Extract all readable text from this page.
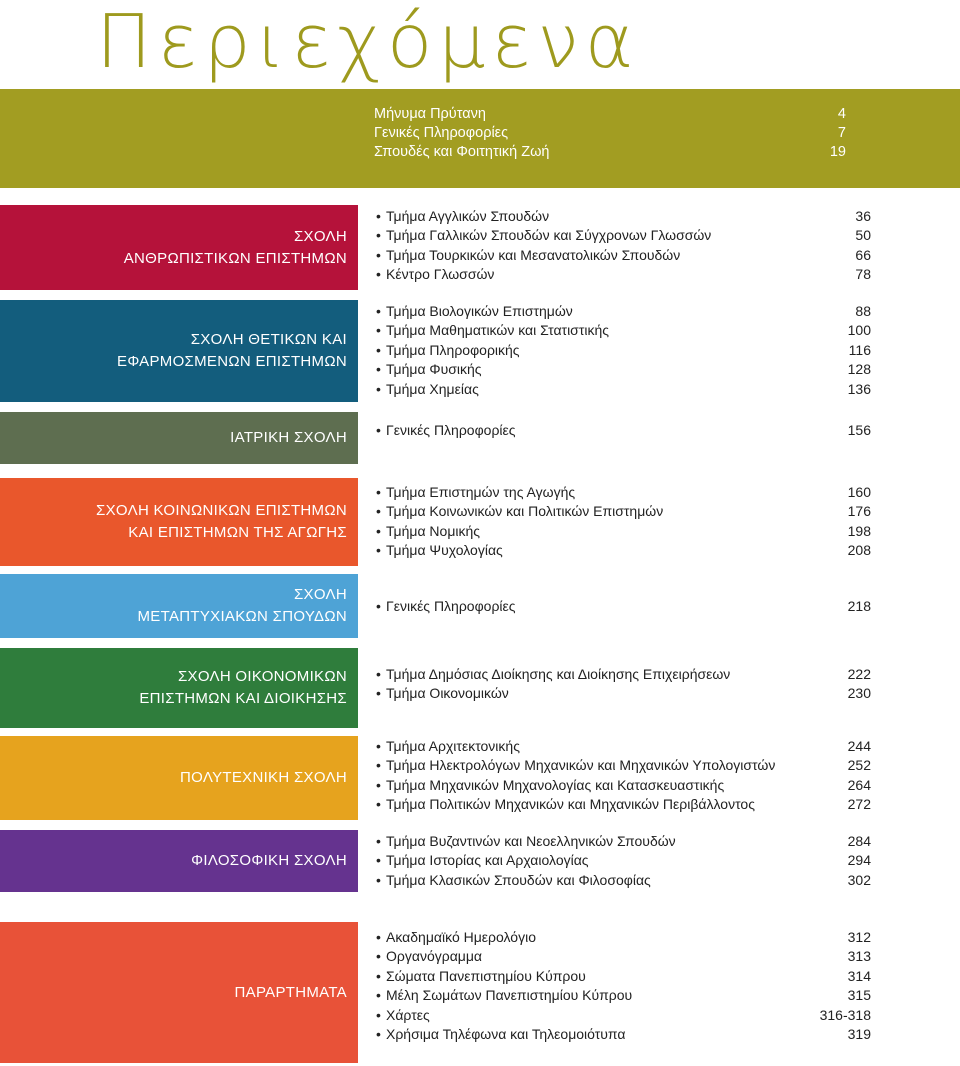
Περιεχόμενα
Μήνυμα Πρύτανη	4
Γενικές Πληροφορίες	7
Σπουδές και Φοιτητική Ζωή	19
ΣΧΟΛΗ
ΑΝΘΡΩΠΙΣΤΙΚΩΝ ΕΠΙΣΤΗΜΩΝ
• Τμήμα Αγγλικών Σπουδών	36
• Τμήμα Γαλλικών Σπουδών και Σύγχρονων Γλωσσών	50
• Τμήμα Τουρκικών και Μεσανατολικών Σπουδών	66
• Κέντρο Γλωσσών	78
ΣΧΟΛΗ ΘΕΤΙΚΩΝ ΚΑΙ
ΕΦΑΡΜΟΣΜΕΝΩΝ ΕΠΙΣΤΗΜΩΝ
• Τμήμα Βιολογικών Επιστημών	88
• Τμήμα Μαθηματικών και Στατιστικής	100
• Τμήμα Πληροφορικής	116
• Τμήμα Φυσικής	128
• Τμήμα Χημείας	136
ΙΑΤΡΙΚΗ ΣΧΟΛΗ • Γενικές Πληροφορίες	156
ΣΧΟΛΗ ΚΟΙΝΩΝΙΚΩΝ ΕΠΙΣΤΗΜΩΝ
ΚΑΙ ΕΠΙΣΤΗΜΩΝ ΤΗΣ ΑΓΩΓΗΣ
• Τμήμα Επιστημών της Αγωγής	160
• Τμήμα Κοινωνικών και Πολιτικών Επιστημών	176
• Τμήμα Νομικής	198
• Τμήμα Ψυχολογίας	208
ΣΧΟΛΗ
ΜΕΤΑΠΤΥΧΙΑΚΩΝ ΣΠΟΥΔΩΝ
• Γενικές Πληροφορίες	218
ΣΧΟΛΗ ΟΙΚΟΝΟΜΙΚΩΝ
ΕΠΙΣΤΗΜΩΝ ΚΑΙ ΔΙΟΙΚΗΣΗΣ
• Τμήμα Δημόσιας Διοίκησης και Διοίκησης Επιχειρήσεων	222
• Τμήμα Οικονομικών	230
ΠΟΛΥΤΕΧΝΙΚΗ ΣΧΟΛΗ
• Τμήμα Αρχιτεκτονικής	244
• Τμήμα Ηλεκτρολόγων Μηχανικών και Μηχανικών Υπολογιστών	252
• Τμήμα Μηχανικών Μηχανολογίας και Κατασκευαστικής	264
• Τμήμα Πολιτικών Μηχανικών και Μηχανικών Περιβάλλοντος	272
ΦΙΛΟΣΟΦΙΚΗ ΣΧΟΛΗ
• Τμήμα Βυζαντινών και Νεοελληνικών Σπουδών	284
• Τμήμα Ιστορίας και Αρχαιολογίας	294
• Τμήμα Κλασικών Σπουδών και Φιλοσοφίας	302
ΠΑΡΑΡΤΗΜΑΤΑ
• Ακαδημαϊκό Ημερολόγιο	312
• Οργανόγραμμα	313
• Σώματα Πανεπιστημίου Κύπρου	314
• Μέλη Σωμάτων Πανεπιστημίου Κύπρου	315
• Χάρτες	316-318
• Χρήσιμα Τηλέφωνα και Τηλεομοιότυπα	319
